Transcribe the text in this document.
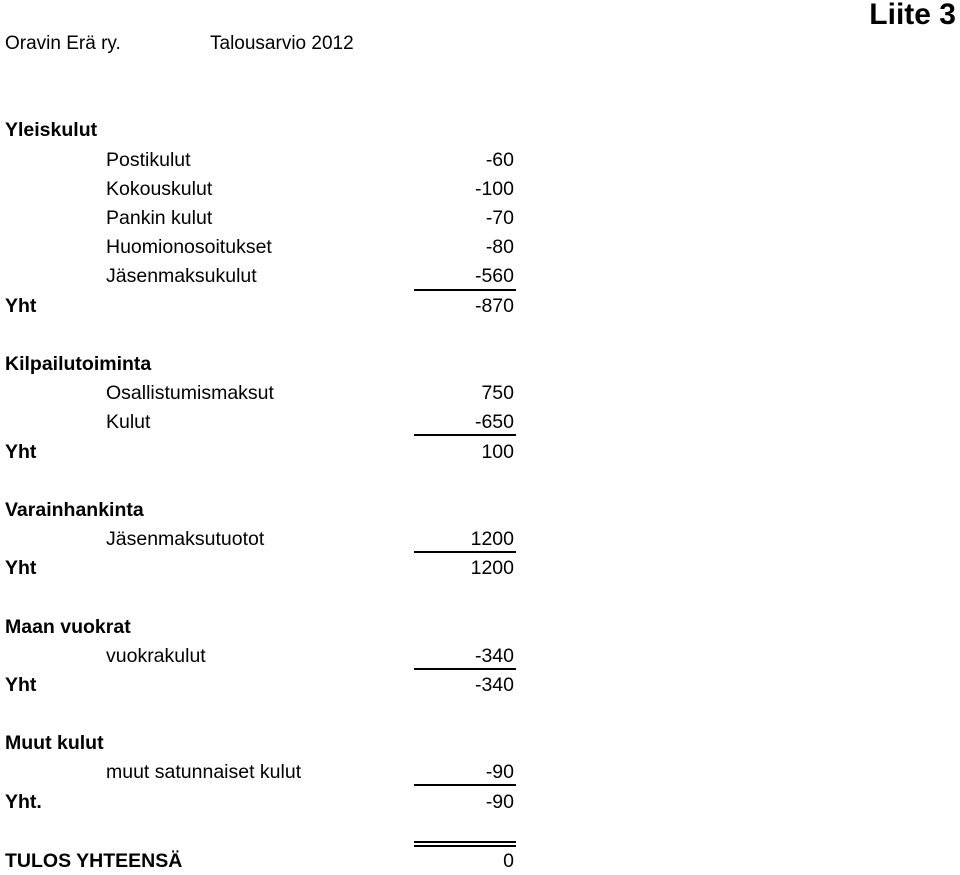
Oravin Erä ry.	Talousarvio 2012
Liite 3
Yleiskulut
Postikulut	-60
Kokouskulut	-100
Pankin kulut	-70
Huomionosoitukset	-80
Jäsenmaksukulut	-560
Yht	-870
Kilpailutoiminta
Osallistumismaksut	750
Kulut	-650
Yht	100
Varainhankinta
Jäsenmaksutuotot	1200
Yht	1200
Maan vuokrat
vuokrakulut	-340
Yht	-340
Muut kulut
muut satunnaiset kulut	-90
Yht.	-90
TULOS YHTEENSÄ	0
